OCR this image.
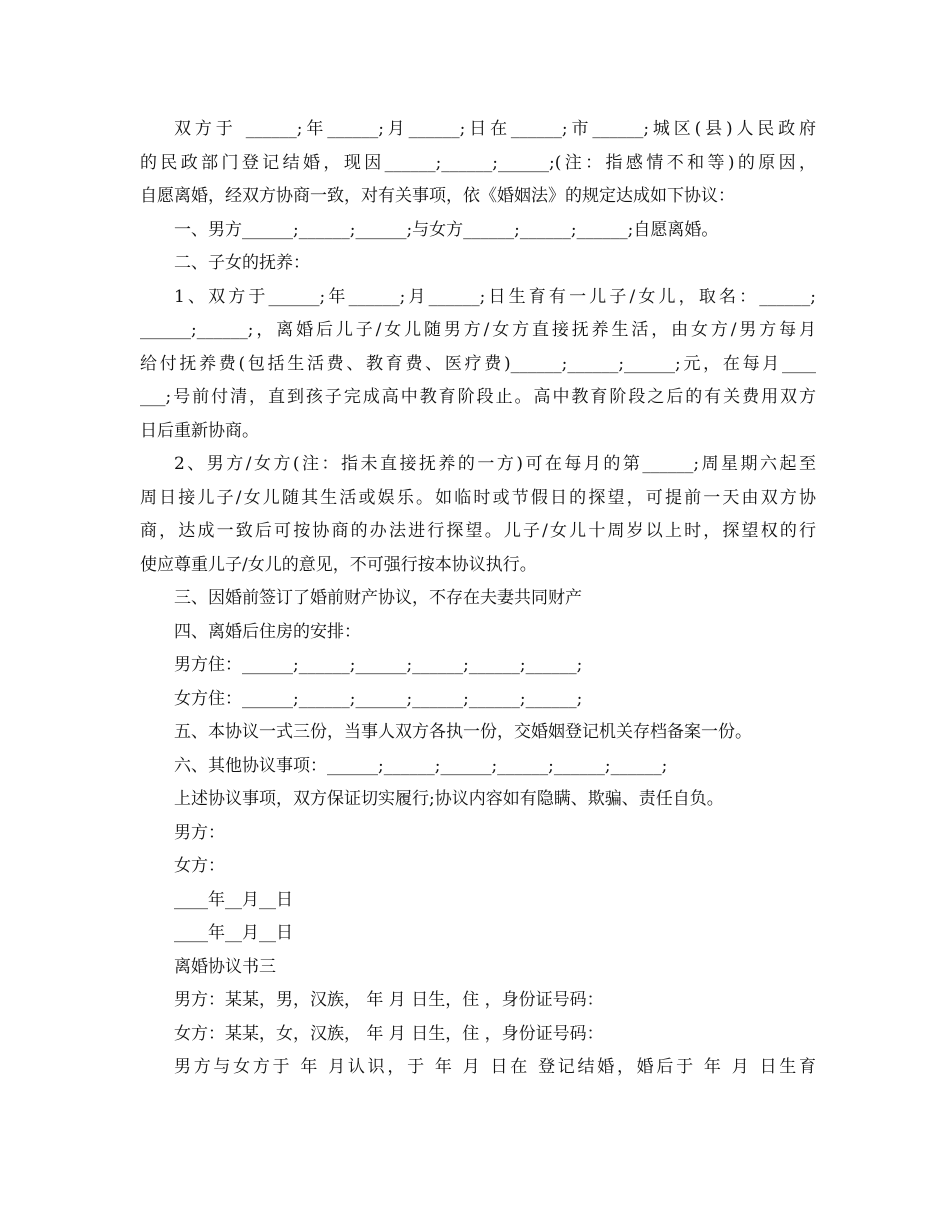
双方于 ______;年______;月______;日在______;市______;城区(县)人民政府
的民政部门登记结婚，现因______;______;______;(注：指感情不和等)的原因，
自愿离婚，经双方协商一致，对有关事项，依《婚姻法》的规定达成如下协议：
一、男方______;______;______;与女方______;______;______;自愿离婚。
二、子女的抚养：
1、双方于______;年______;月______;日生育有一儿子/女儿，取名：______;
______;______;，离婚后儿子/女儿随男方/女方直接抚养生活，由女方/男方每月
给付抚养费(包括生活费、教育费、医疗费)______;______;______;元，在每月____
___;号前付清，直到孩子完成高中教育阶段止。高中教育阶段之后的有关费用双方
日后重新协商。
2、男方/女方(注：指未直接抚养的一方)可在每月的第______;周星期六起至
周日接儿子/女儿随其生活或娱乐。如临时或节假日的探望，可提前一天由双方协
商，达成一致后可按协商的办法进行探望。儿子/女儿十周岁以上时，探望权的行
使应尊重儿子/女儿的意见，不可强行按本协议执行。
三、因婚前签订了婚前财产协议，不存在夫妻共同财产
四、离婚后住房的安排：
男方住：______;______;______;______;______;______;
女方住：______;______;______;______;______;______;
五、本协议一式三份，当事人双方各执一份，交婚姻登记机关存档备案一份。
六、其他协议事项：______;______;______;______;______;______;
上述协议事项，双方保证切实履行;协议内容如有隐瞒、欺骗、责任自负。
男方：
女方：
____年__月__日
____年__月__日
离婚协议书三
男方：某某，男，汉族， 年 月 日生，住 ，身份证号码：
女方：某某，女，汉族， 年 月 日生，住 ，身份证号码：
男方与女方于 年 月认识，于 年 月 日在 登记结婚，婚后于 年 月 日生育
